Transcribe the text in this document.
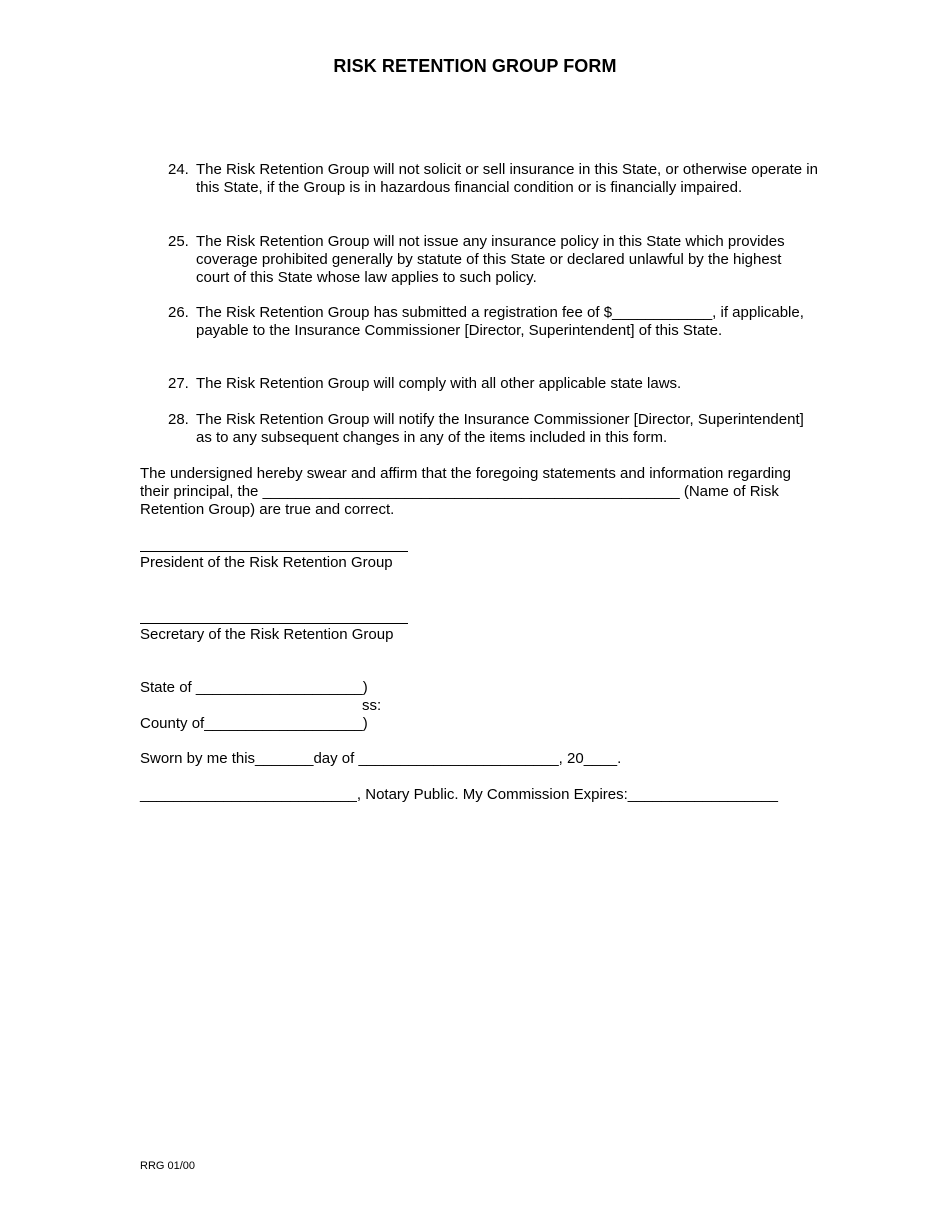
RISK RETENTION GROUP FORM
24. The Risk Retention Group will not solicit or sell insurance in this State, or otherwise operate in this State, if the Group is in hazardous financial condition or is financially impaired.
25. The Risk Retention Group will not issue any insurance policy in this State which provides coverage prohibited generally by statute of this State or declared unlawful by the highest court of this State whose law applies to such policy.
26. The Risk Retention Group has submitted a registration fee of $____________, if applicable, payable to the Insurance Commissioner [Director, Superintendent] of this State.
27. The Risk Retention Group will comply with all other applicable state laws.
28. The Risk Retention Group will notify the Insurance Commissioner [Director, Superintendent] as to any subsequent changes in any of the items included in this form.
The undersigned hereby swear and affirm that the foregoing statements and information regarding their principal, the __________________________________________________ (Name of Risk Retention Group) are true and correct.
President of the Risk Retention Group
Secretary of the Risk Retention Group
State of ____________________)
ss:
County of___________________)
Sworn by me this_______day of ________________________, 20____.
__________________________, Notary Public. My Commission Expires:__________________
RRG 01/00
